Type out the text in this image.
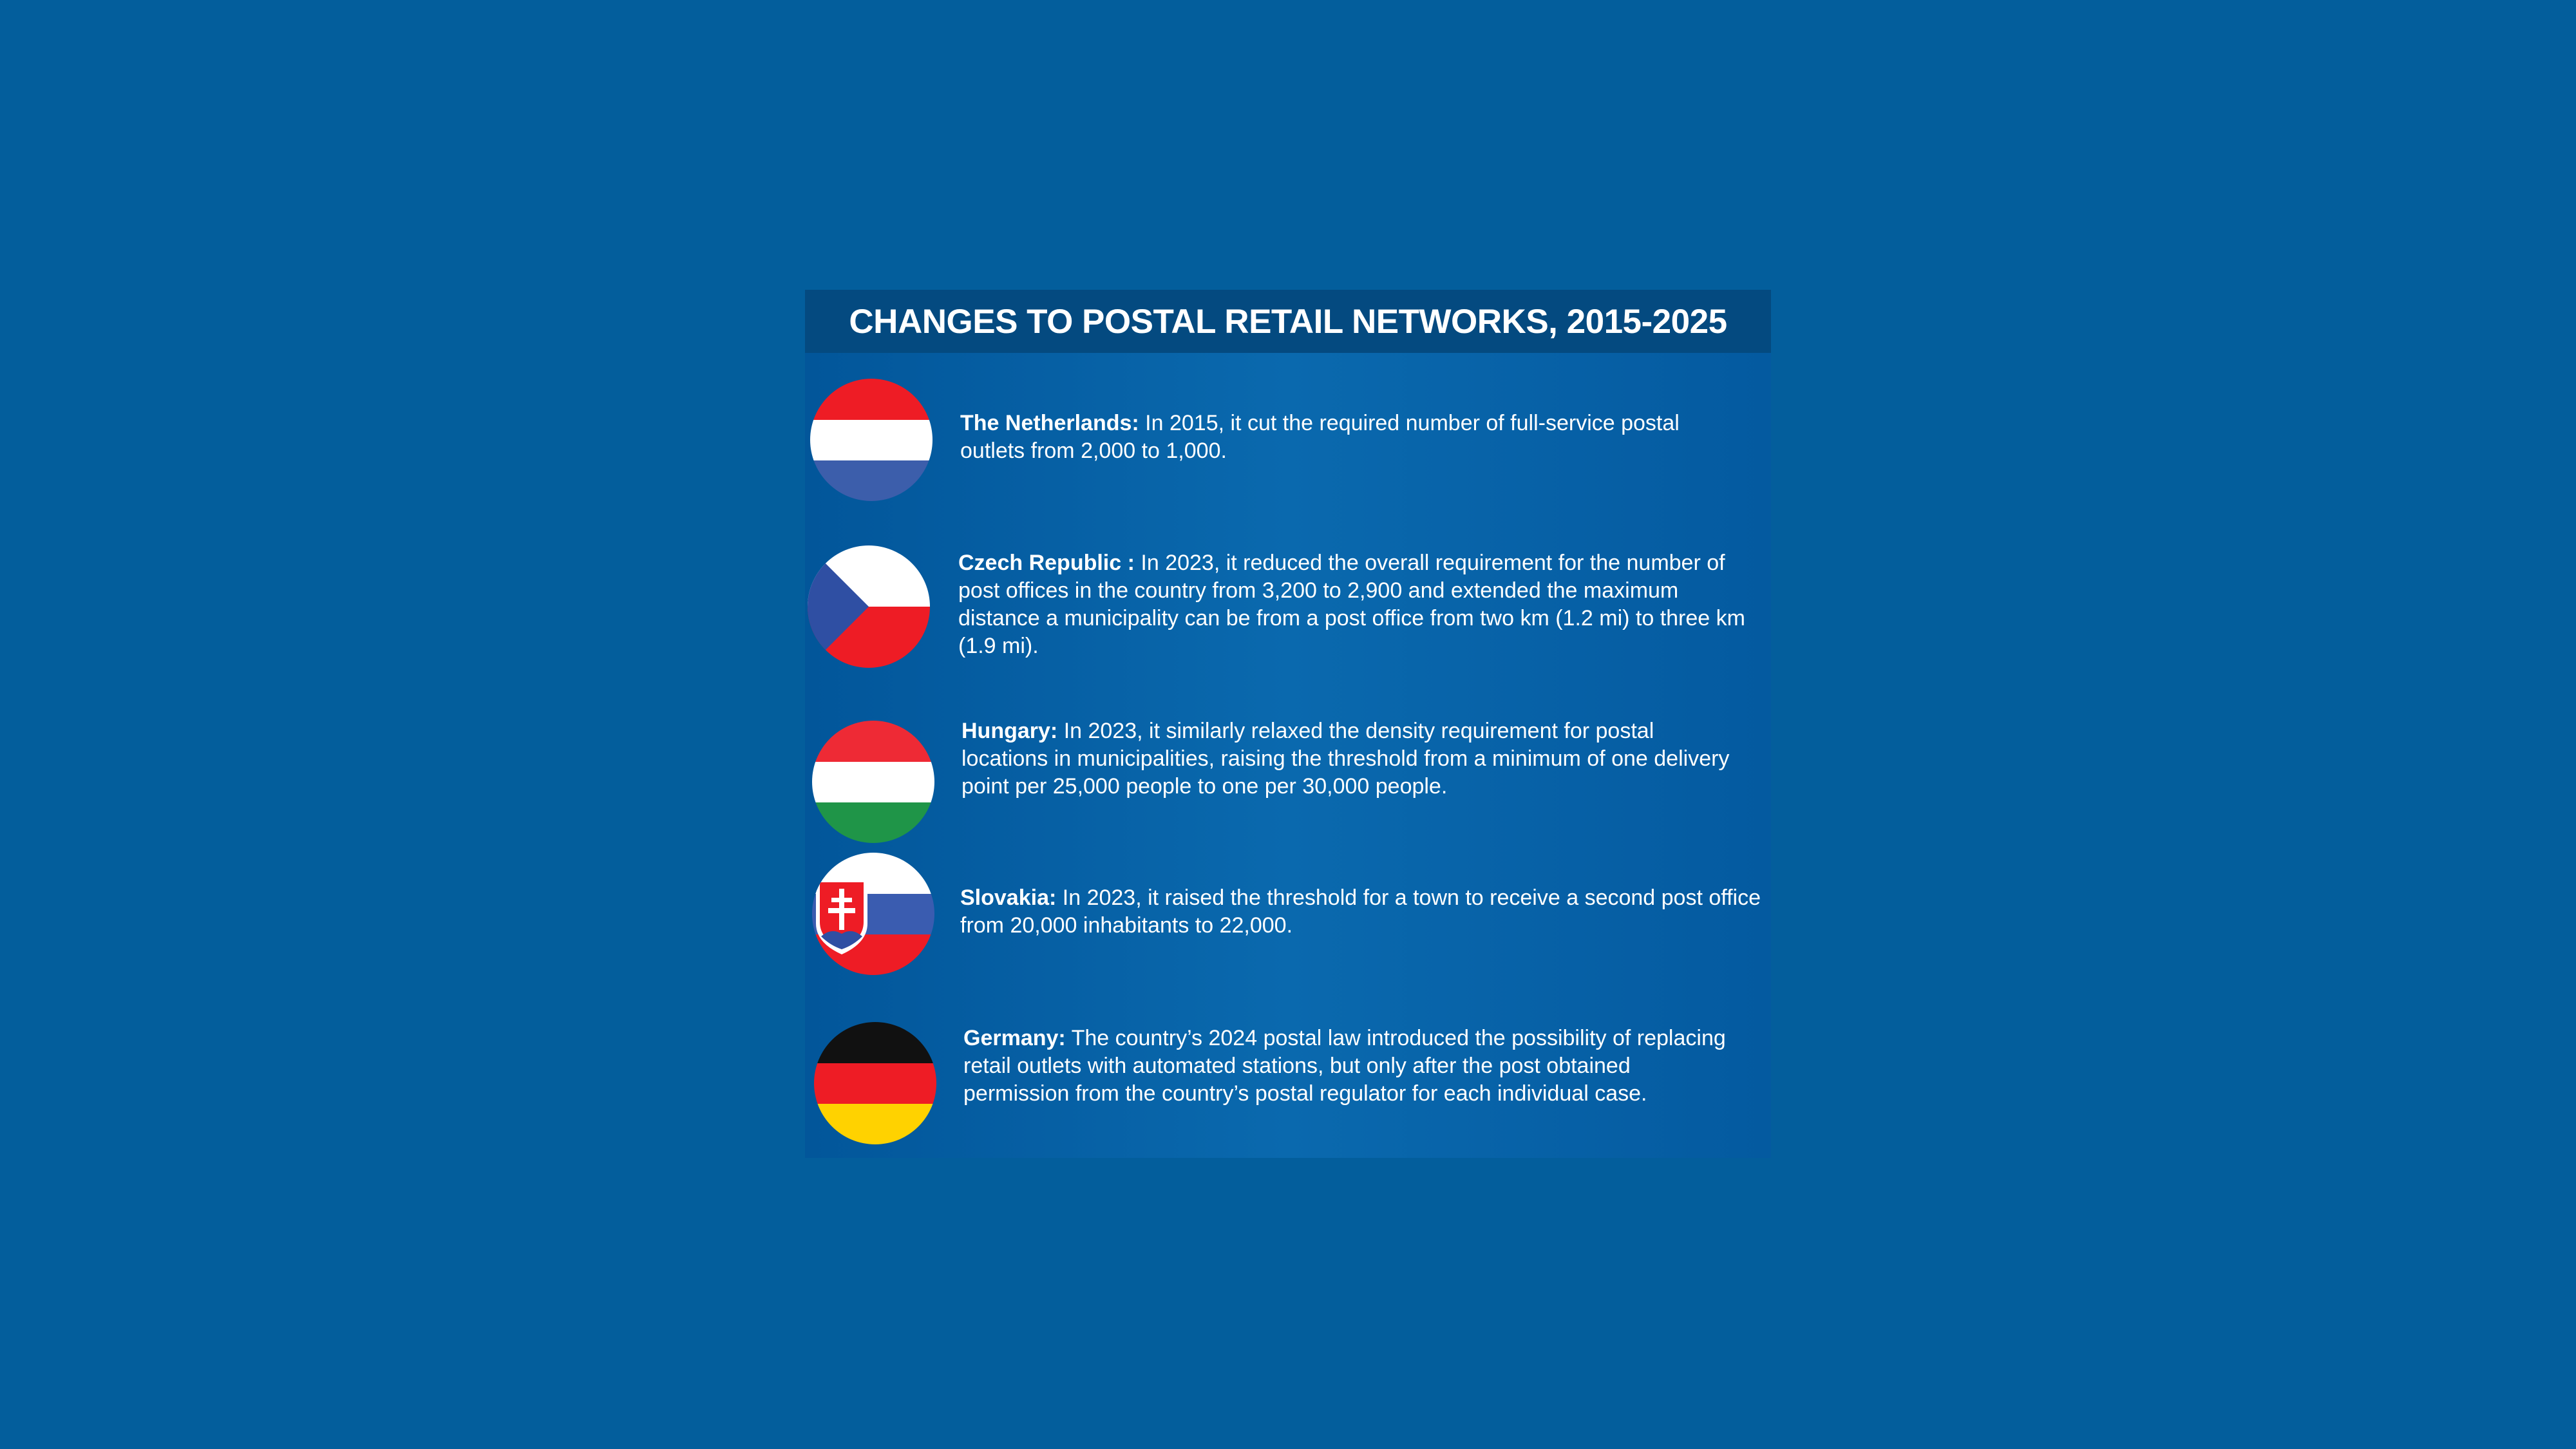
CHANGES TO POSTAL RETAIL NETWORKS, 2015-2025
The Netherlands: In 2015, it cut the required number of full-service postal outlets from 2,000 to 1,000.
Czech Republic : In 2023, it reduced the overall requirement for the number of post offices in the country from 3,200 to 2,900 and extended the maximum distance a municipality can be from a post office from two km (1.2 mi) to three km (1.9 mi).
Hungary: In 2023, it similarly relaxed the density requirement for postal locations in municipalities, raising the threshold from a minimum of one delivery point per 25,000 people to one per 30,000 people.
Slovakia: In 2023, it raised the threshold for a town to receive a second post office from 20,000 inhabitants to 22,000.
Germany: The country’s 2024 postal law introduced the possibility of replacing retail outlets with automated stations, but only after the post obtained permission from the country’s postal regulator for each individual case.
